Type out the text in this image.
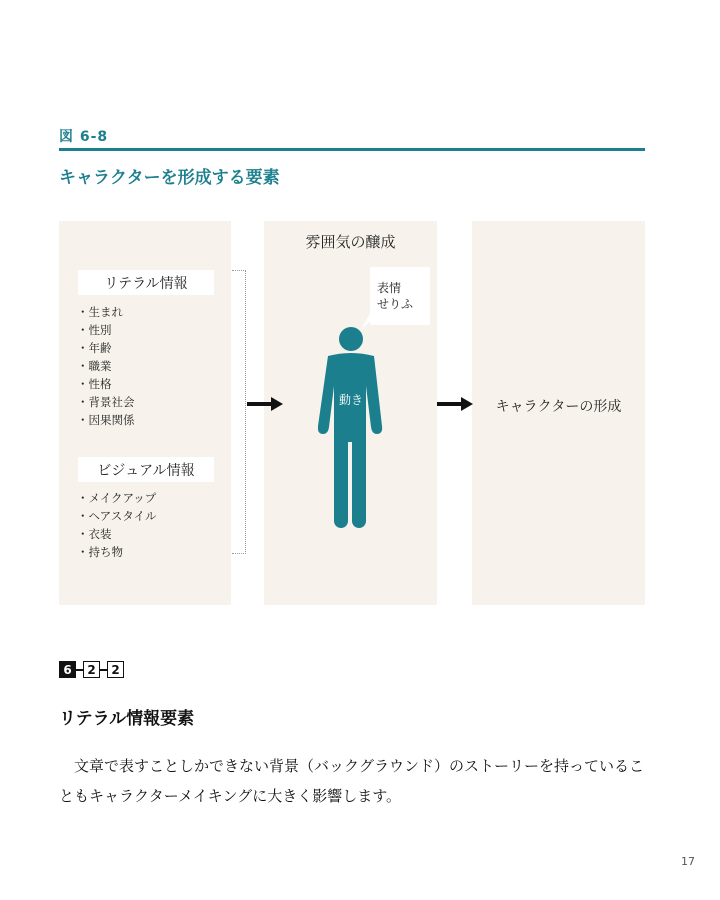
図 6-8
キャラクターを形成する要素
リテラル情報
・生まれ
・性別
・年齢
・職業
・性格
・背景社会
・因果関係
ビジュアル情報
・メイクアップ
・ヘアスタイル
・衣装
・持ち物
雰囲気の醸成
表情
せりふ
動き	キャラクターの形成
6	2	2
リテラル情報要素

　文章で表すことしかできない背景（バックグラウンド）のストーリーを持っていることもキャラクターメイキングに大きく影響します。

17
